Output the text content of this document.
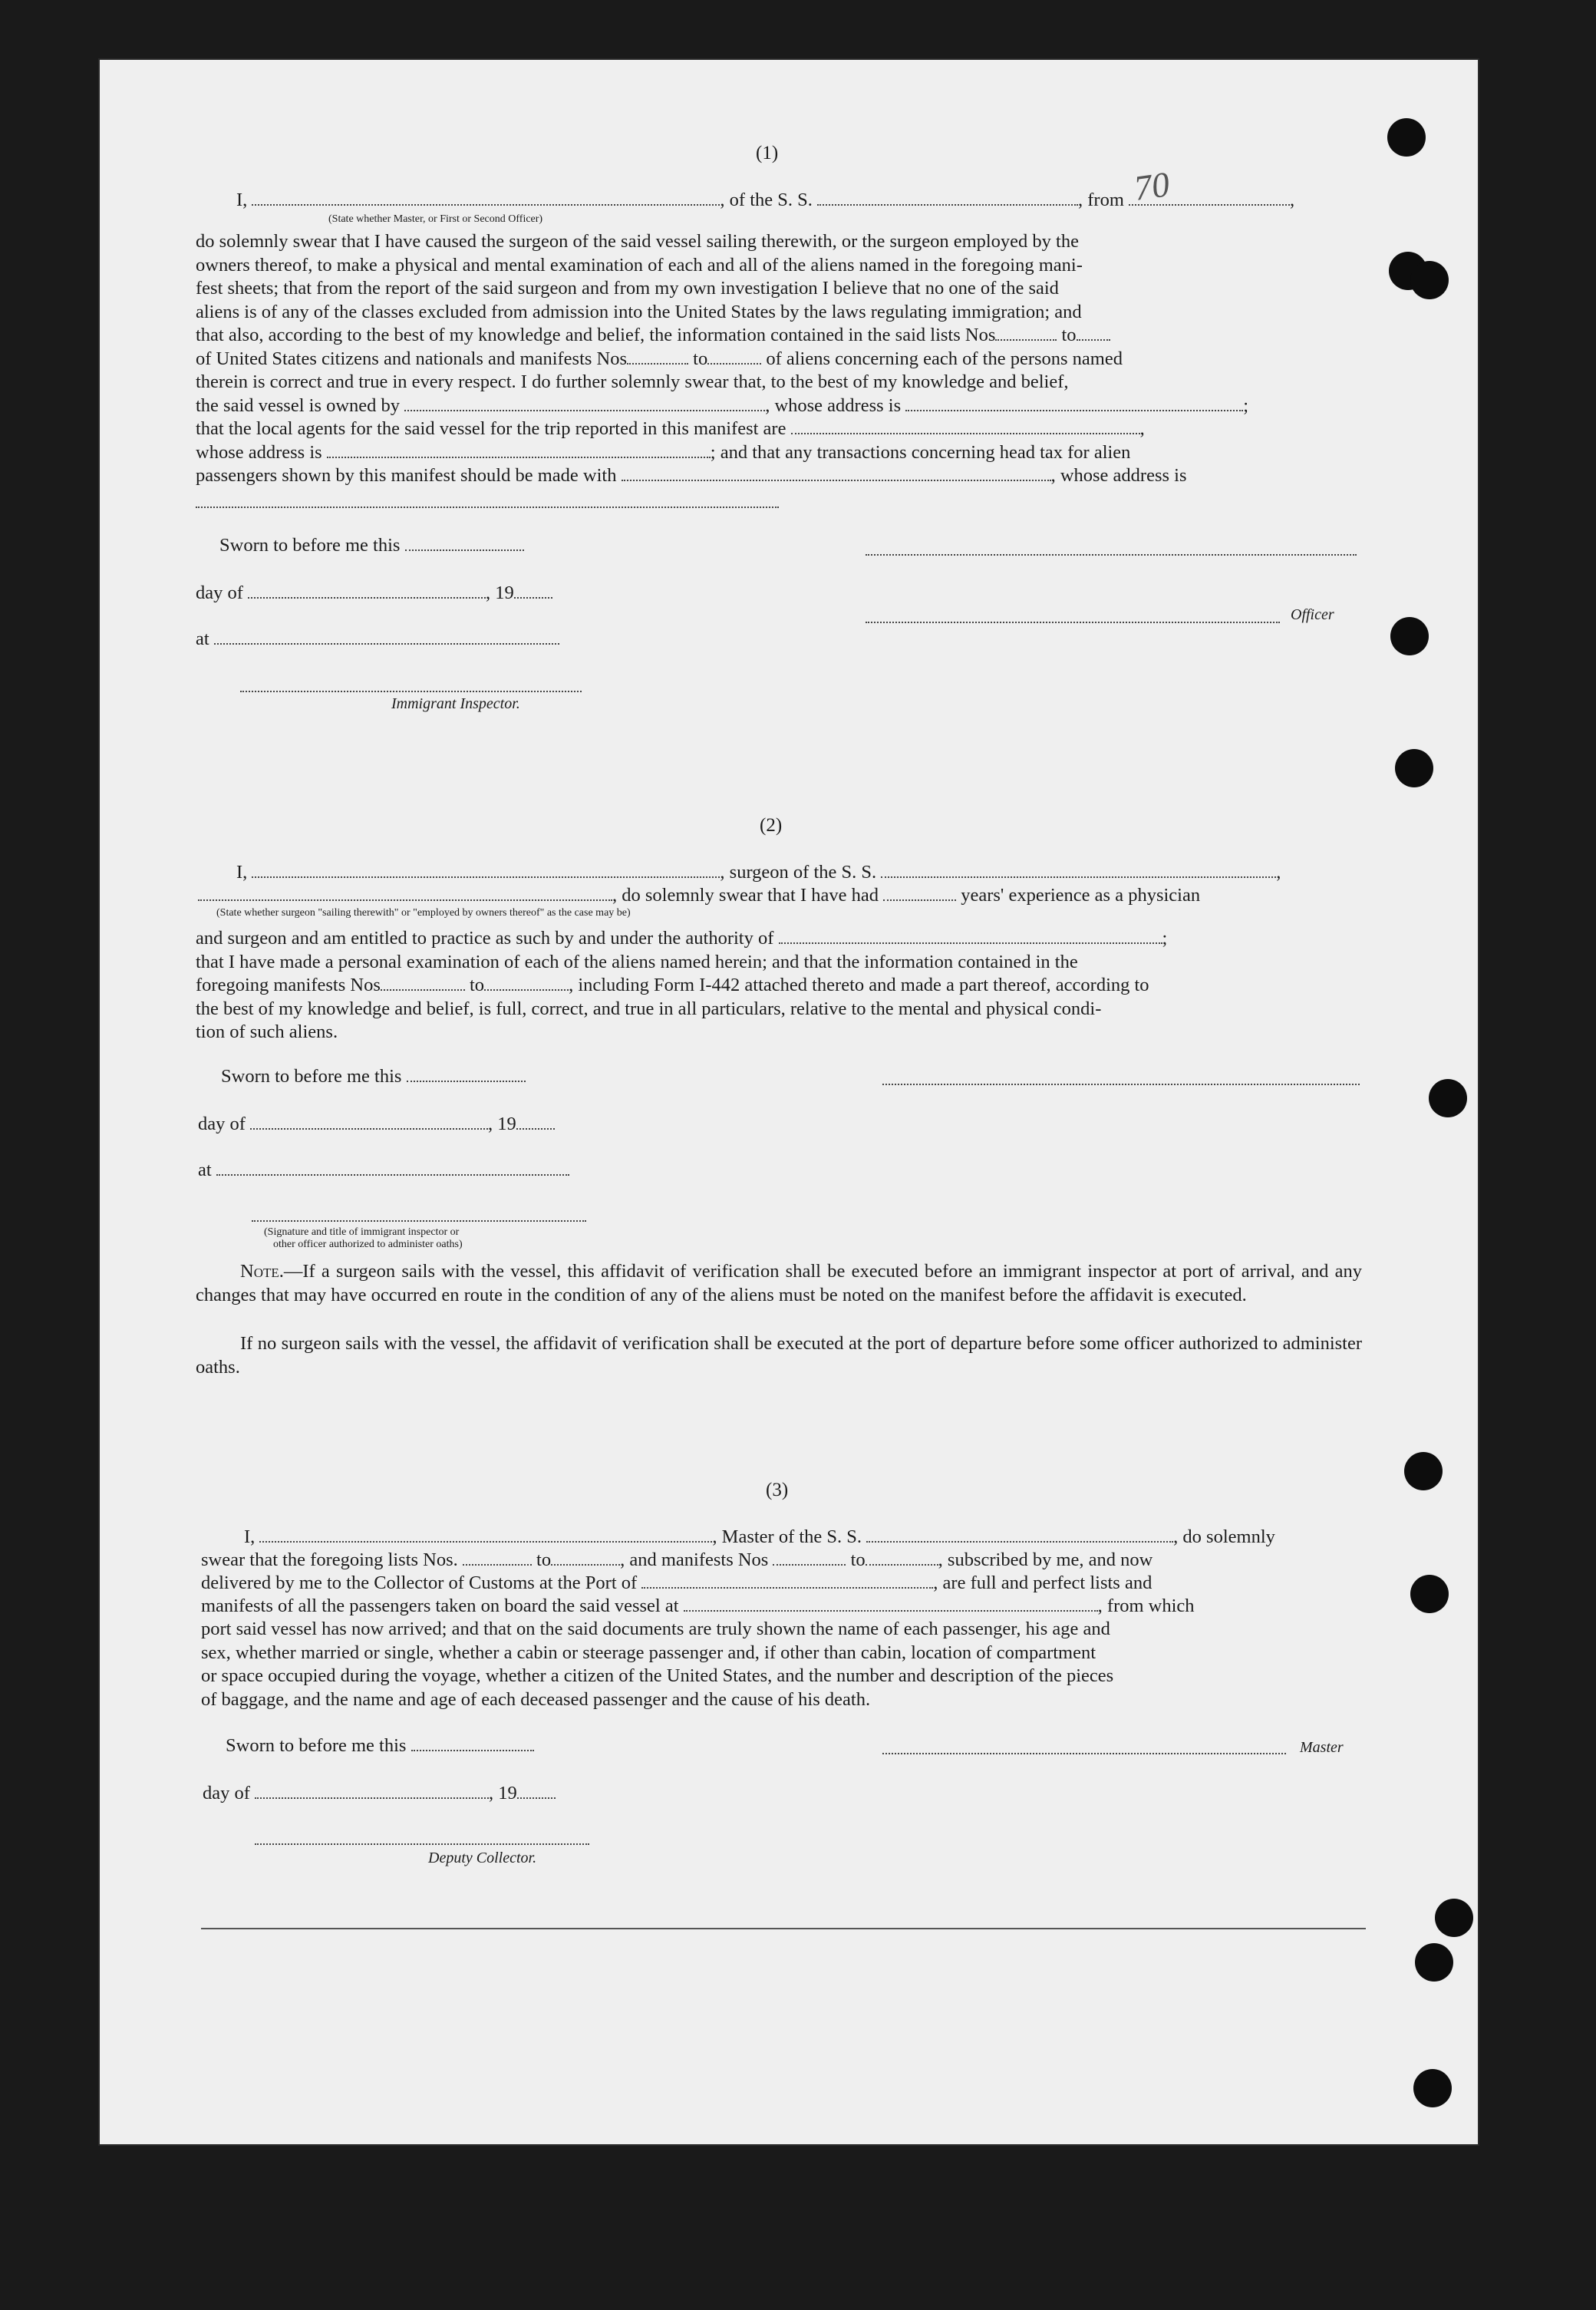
70
(1)
I,	, of the S. S.	, from	,
(State whether Master, or First or Second Officer)
do solemnly swear that I have caused the surgeon of the said vessel sailing therewith, or the surgeon employed by the
owners thereof, to make a physical and mental examination of each and all of the aliens named in the foregoing mani-
fest sheets; that from the report of the said surgeon and from my own investigation I believe that no one of the said
aliens is of any of the classes excluded from admission into the United States by the laws regulating immigration; and
that also, according to the best of my knowledge and belief, the information contained in the said lists Nos	to
of United States citizens and nationals and manifests Nos	to	of aliens concerning each of the persons named
therein is correct and true in every respect. I do further solemnly swear that, to the best of my knowledge and belief,
the said vessel is owned by	, whose address is	;
that the local agents for the said vessel for the trip reported in this manifest are	,
whose address is	; and that any transactions concerning head tax for alien
passengers shown by this manifest should be made with	, whose address is
Sworn to before me this
day of	, 19
at
Immigrant Inspector.
Officer
(2)
I,	, surgeon of the S. S.	,
, do solemnly swear that I have had	years' experience as a physician
(State whether surgeon "sailing therewith" or "employed by owners thereof" as the case may be)
and surgeon and am entitled to practice as such by and under the authority of	;
that I have made a personal examination of each of the aliens named herein; and that the information contained in the
foregoing manifests Nos	to	, including Form I-442 attached thereto and made a part thereof, according to
the best of my knowledge and belief, is full, correct, and true in all particulars, relative to the mental and physical condi-
tion of such aliens.
Sworn to before me this
day of	, 19
at
(Signature and title of immigrant inspector or
other officer authorized to administer oaths)
Note.—If a surgeon sails with the vessel, this affidavit of verification shall be executed before an immigrant inspector at port of arrival, and any changes that may have occurred en route in the condition of any of the aliens must be noted on the manifest before the affidavit is executed.
If no surgeon sails with the vessel, the affidavit of verification shall be executed at the port of departure before some officer authorized to administer oaths.
(3)
I,	, Master of the S. S.	, do solemnly
swear that the foregoing lists Nos.	to	, and manifests Nos	to	, subscribed by me, and now
delivered by me to the Collector of Customs at the Port of	, are full and perfect lists and
manifests of all the passengers taken on board the said vessel at	, from which
port said vessel has now arrived; and that on the said documents are truly shown the name of each passenger, his age and
sex, whether married or single, whether a cabin or steerage passenger and, if other than cabin, location of compartment
or space occupied during the voyage, whether a citizen of the United States, and the number and description of the pieces
of baggage, and the name and age of each deceased passenger and the cause of his death.
Sworn to before me this	Master
day of	, 19
Deputy Collector.
